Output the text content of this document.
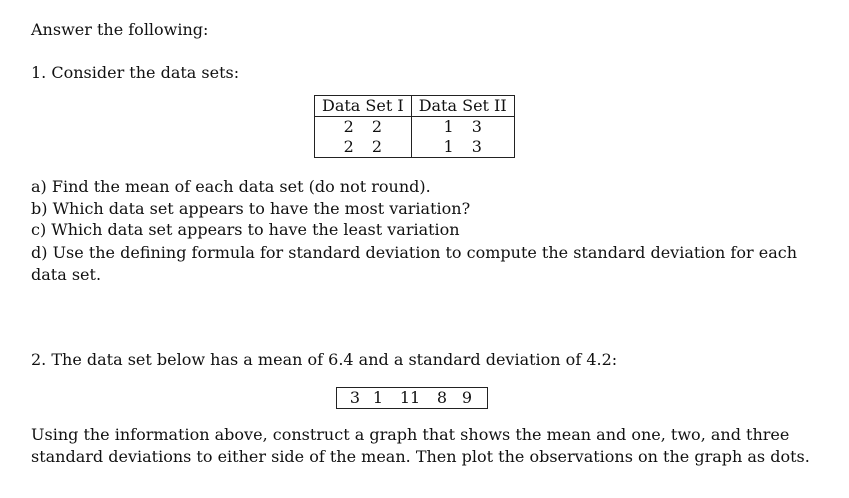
Answer the following:
1. Consider the data sets:
Data Set I	Data Set II

2 2	1 3

2 2	1 3
a) Find the mean of each data set (do not round).
b) Which data set appears to have the most variation?
c) Which data set appears to have the least variation
d) Use the defining formula for standard deviation to compute the standard deviation for each data set.
2. The data set below has a mean of 6.4 and a standard deviation of 4.2:
3 1	11	8 9
Using the information above, construct a graph that shows the mean and one, two, and three standard deviations to either side of the mean. Then plot the observations on the graph as dots.
